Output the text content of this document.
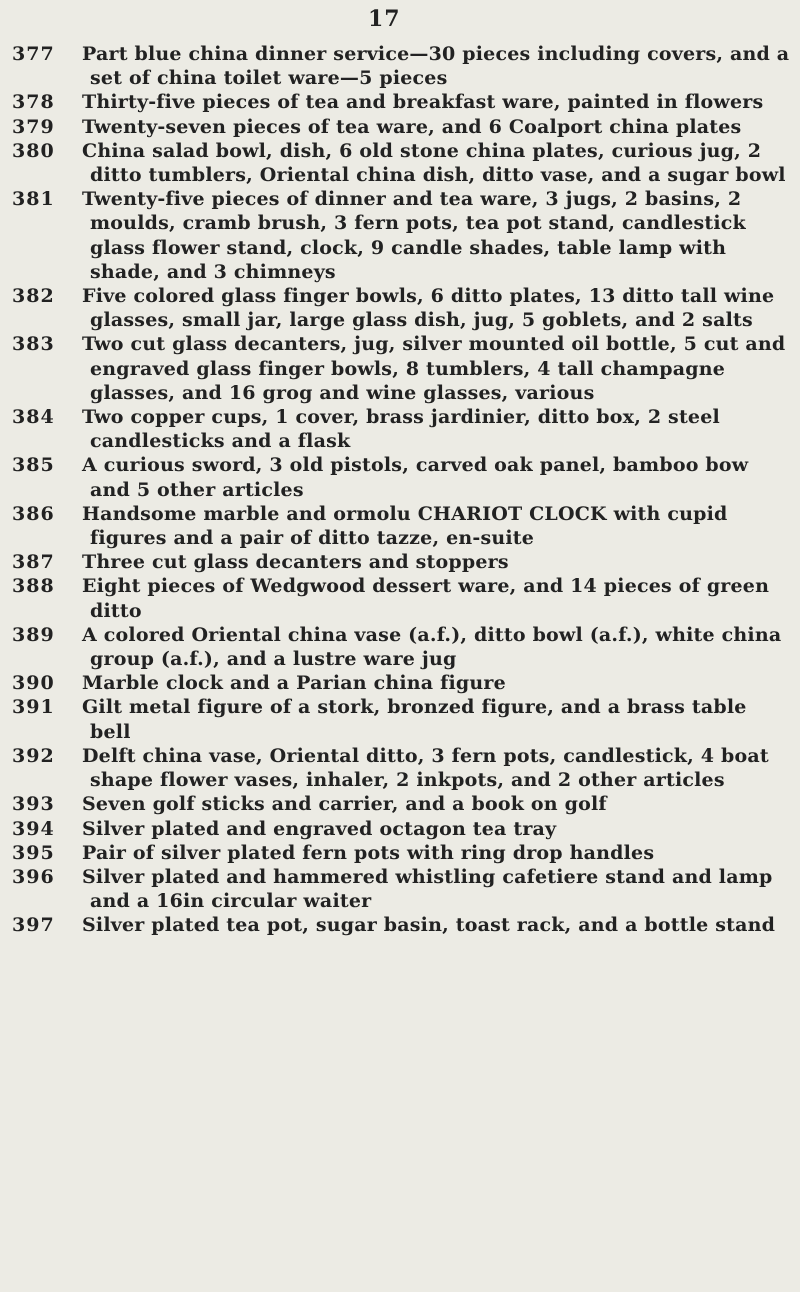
17
377	Part blue china dinner service—30 pieces including covers, and a set of china toilet ware—5 pieces
378	Thirty-five pieces of tea and breakfast ware, painted in flowers
379	Twenty-seven pieces of tea ware, and 6 Coalport china plates
380	China salad bowl, dish, 6 old stone china plates, curious jug, 2 ditto tumblers, Oriental china dish, ditto vase, and a sugar bowl
381	Twenty-five pieces of dinner and tea ware, 3 jugs, 2 basins, 2 moulds, cramb brush, 3 fern pots, tea pot stand, candlestick glass flower stand, clock, 9 candle shades, table lamp with shade, and 3 chimneys
382	Five colored glass finger bowls, 6 ditto plates, 13 ditto tall wine glasses, small jar, large glass dish, jug, 5 goblets, and 2 salts
383	Two cut glass decanters, jug, silver mounted oil bottle, 5 cut and engraved glass finger bowls, 8 tumblers, 4 tall champagne glasses, and 16 grog and wine glasses, various
384	Two copper cups, 1 cover, brass jardinier, ditto box, 2 steel candlesticks and a flask
385	A curious sword, 3 old pistols, carved oak panel, bamboo bow and 5 other articles
386	Handsome marble and ormolu CHARIOT CLOCK with cupid figures and a pair of ditto tazze, en-suite
387	Three cut glass decanters and stoppers
388	Eight pieces of Wedgwood dessert ware, and 14 pieces of green ditto
389	A colored Oriental china vase (a.f.), ditto bowl (a.f.), white china group (a.f.), and a lustre ware jug
390	Marble clock and a Parian china figure
391	Gilt metal figure of a stork, bronzed figure, and a brass table bell
392	Delft china vase, Oriental ditto, 3 fern pots, candlestick, 4 boat shape flower vases, inhaler, 2 inkpots, and 2 other articles
393	Seven golf sticks and carrier, and a book on golf
394	Silver plated and engraved octagon tea tray
395	Pair of silver plated fern pots with ring drop handles
396	Silver plated and hammered whistling cafetiere stand and lamp and a 16in circular waiter
397	Silver plated tea pot, sugar basin, toast rack, and a bottle stand
